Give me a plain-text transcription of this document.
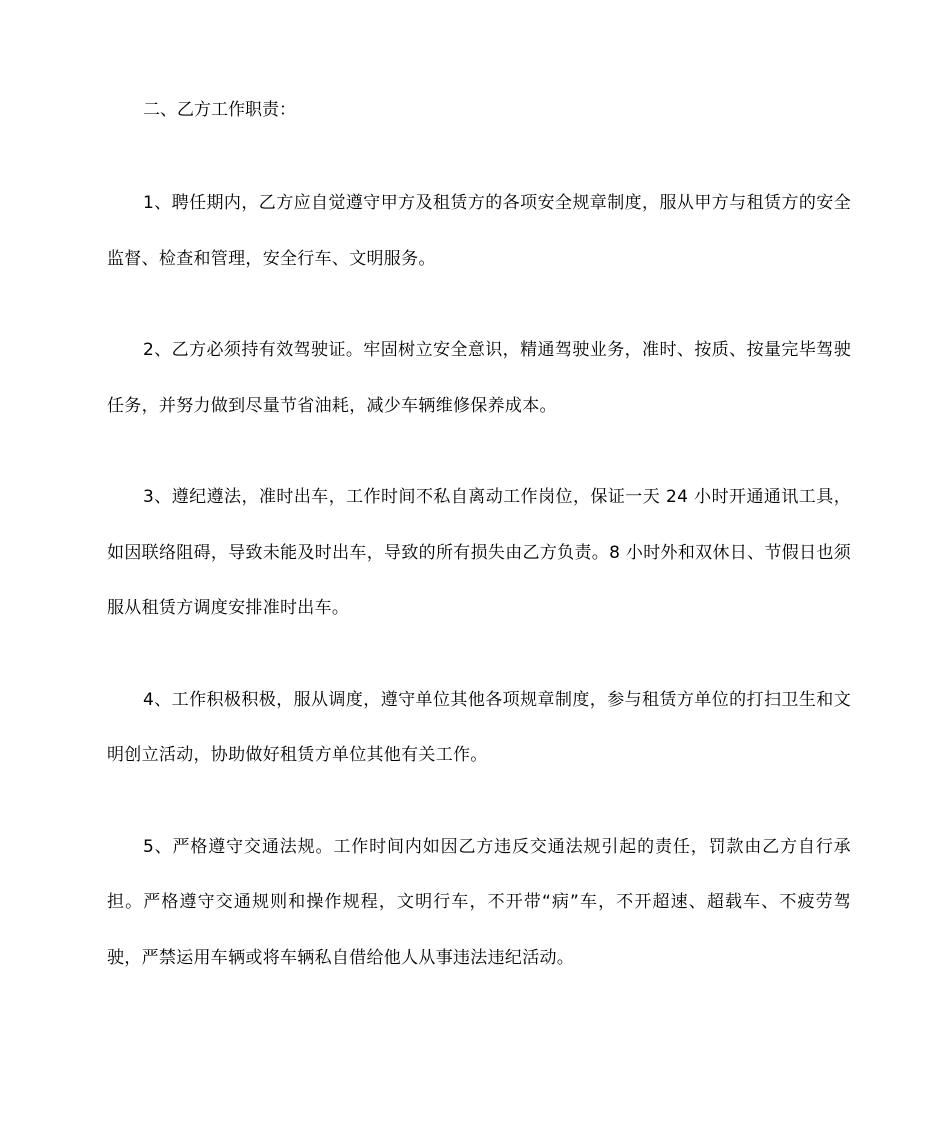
二、乙方工作职责：

1、聘任期内，乙方应自觉遵守甲方及租赁方的各项安全规章制度，服从甲方与租赁方的安全监督、检查和管理，安全行车、文明服务。

2、乙方必须持有效驾驶证。牢固树立安全意识，精通驾驶业务，准时、按质、按量完毕驾驶任务，并努力做到尽量节省油耗，减少车辆维修保养成本。

3、遵纪遵法，准时出车，工作时间不私自离动工作岗位，保证一天 24 小时开通通讯工具，如因联络阻碍，导致未能及时出车，导致的所有损失由乙方负责。8 小时外和双休日、节假日也须服从租赁方调度安排准时出车。

4、工作积极积极，服从调度，遵守单位其他各项规章制度，参与租赁方单位的打扫卫生和文明创立活动，协助做好租赁方单位其他有关工作。

5、严格遵守交通法规。工作时间内如因乙方违反交通法规引起的责任，罚款由乙方自行承担。严格遵守交通规则和操作规程，文明行车，不开带“病”车，不开超速、超载车、不疲劳驾驶，严禁运用车辆或将车辆私自借给他人从事违法违纪活动。
